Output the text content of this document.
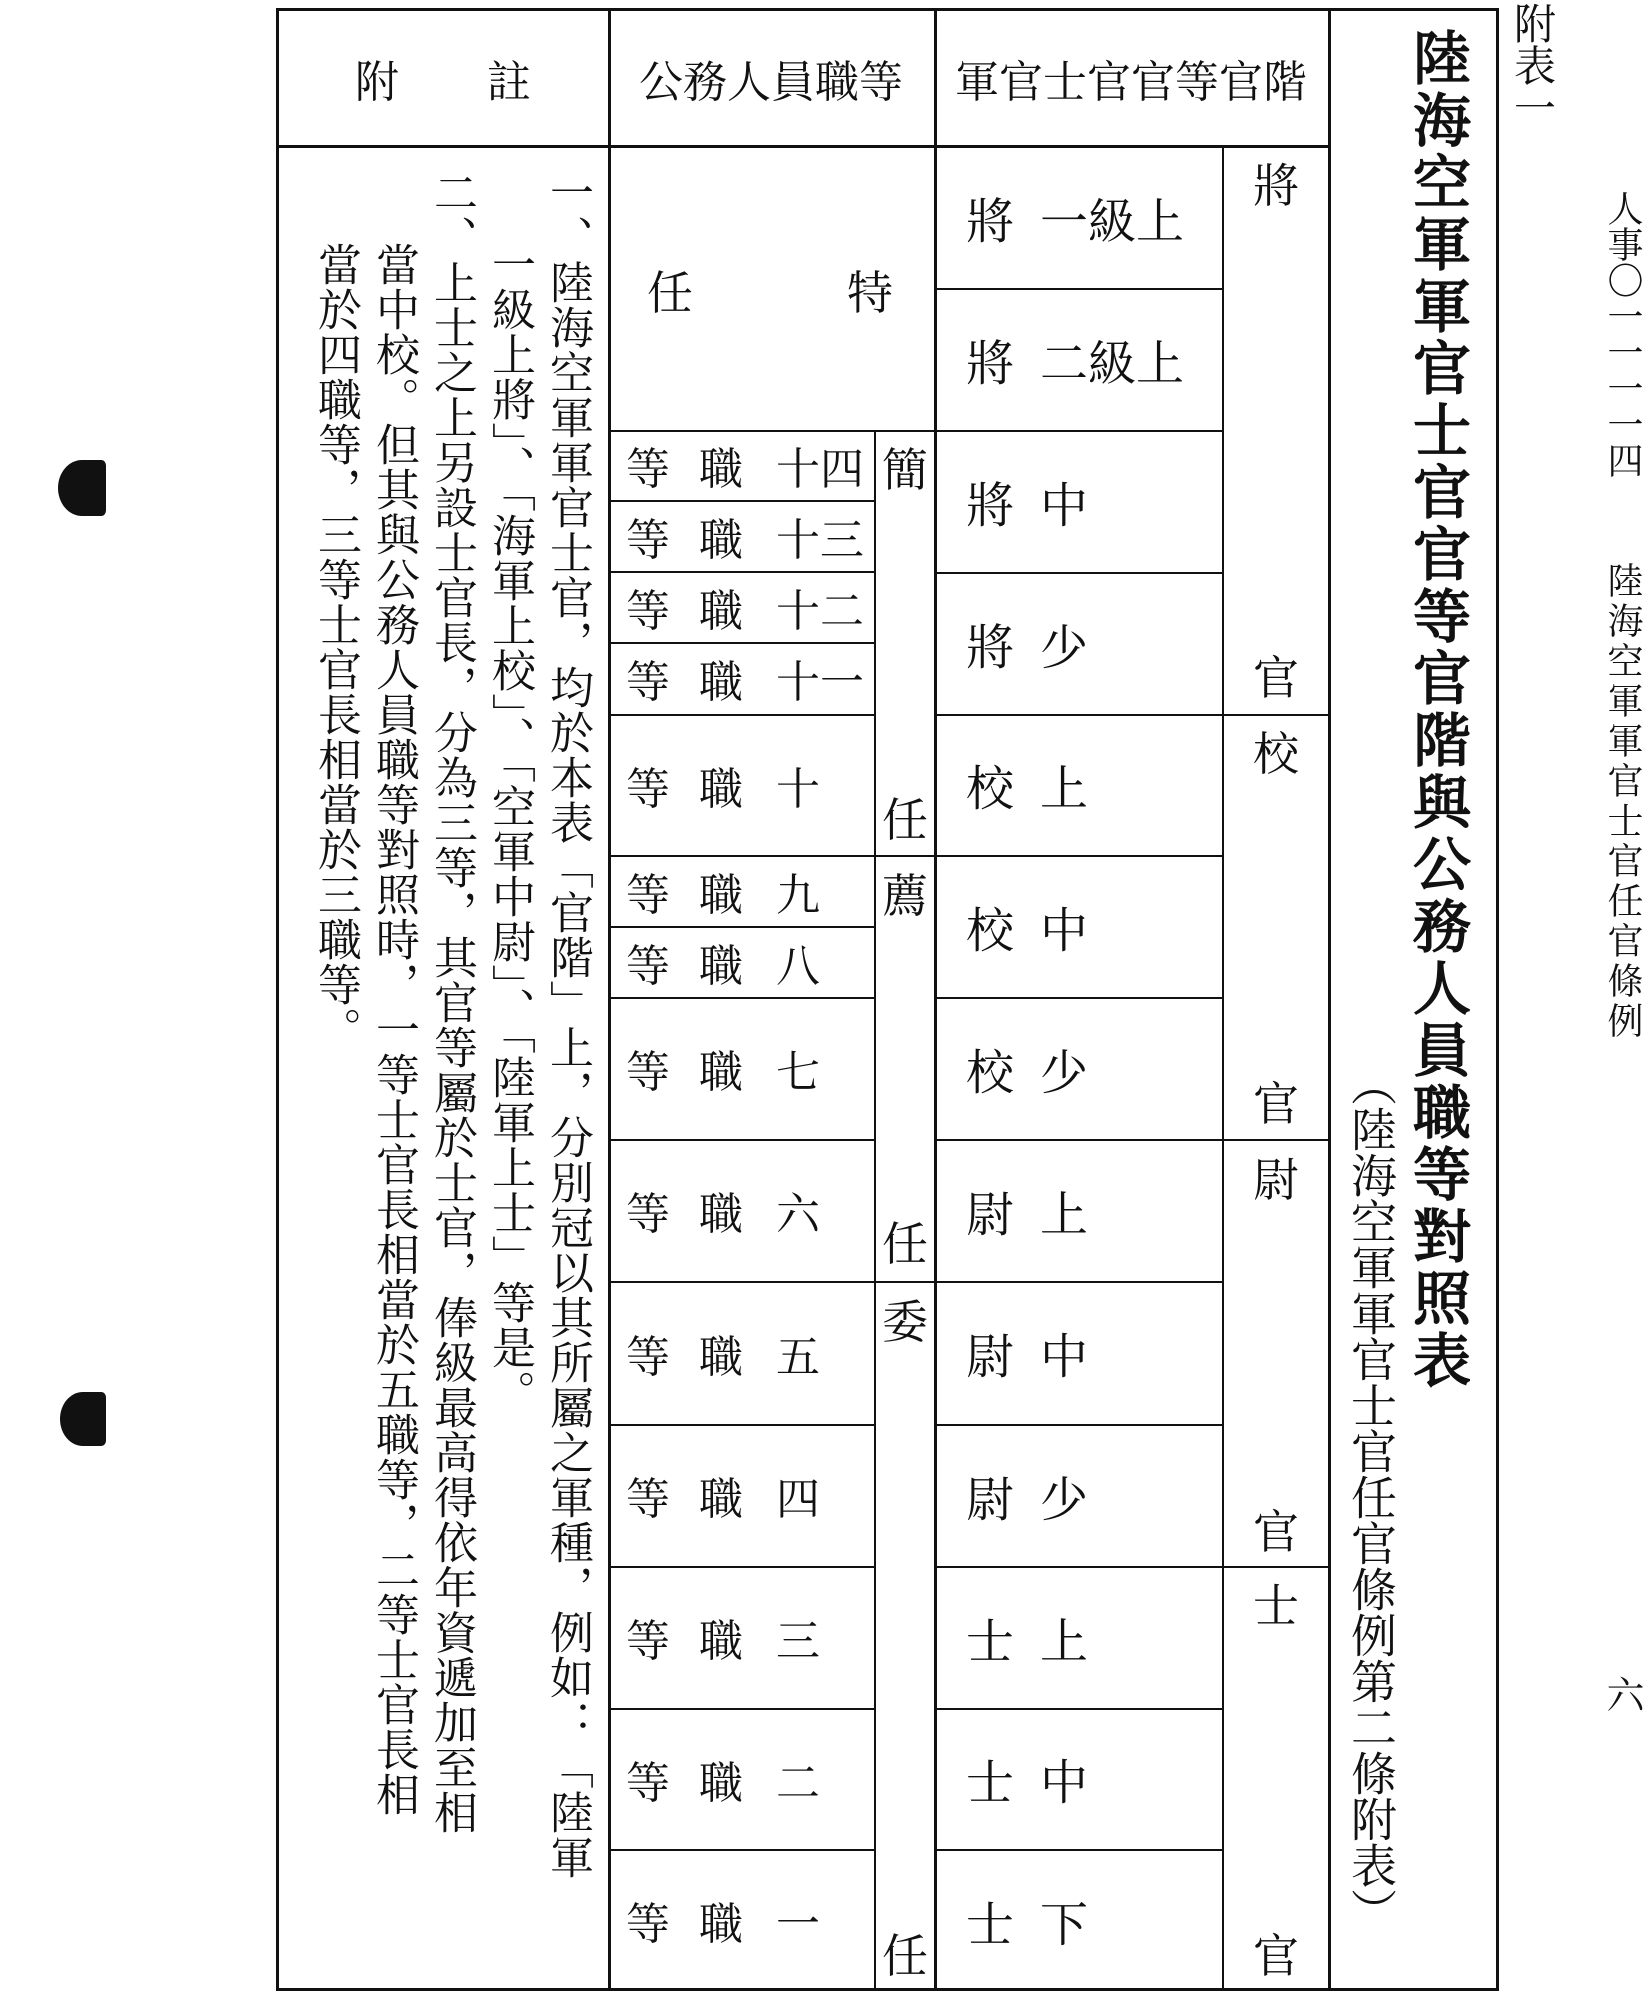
附表一
人事〇一一一一四
陸海空軍軍官士官任官條例
六
陸海空軍軍官士官官等官階與公務人員職等對照表
（陸海空軍軍官士官任官條例第二條附表）
軍官士官官等官階
公務人員職等
附　　註
將
官
校
官
尉
官
士
官
一級上
將
二級上
將
中
將
少
將
上
校
中
校
少
校
上
尉
中
尉
少
尉
上
士
中
士
下
士
特
任
簡
任
薦
任
委
任
十四
職
等
十三
職
等
十二
職
等
十一
職
等
十
職
等
九
職
等
八
職
等
七
職
等
六
職
等
五
職
等
四
職
等
三
職
等
二
職
等
一
職
等
一、陸海空軍軍官士官，均於本表「官階」上，分別冠以其所屬之軍種，例如：「陸軍
一級上將」、「海軍上校」、「空軍中尉」、「陸軍上士」等是。
二、上士之上另設士官長，分為三等，其官等屬於士官，俸級最高得依年資遞加至相
當中校。但其與公務人員職等對照時，一等士官長相當於五職等，二等士官長相
當於四職等，三等士官長相當於三職等。
